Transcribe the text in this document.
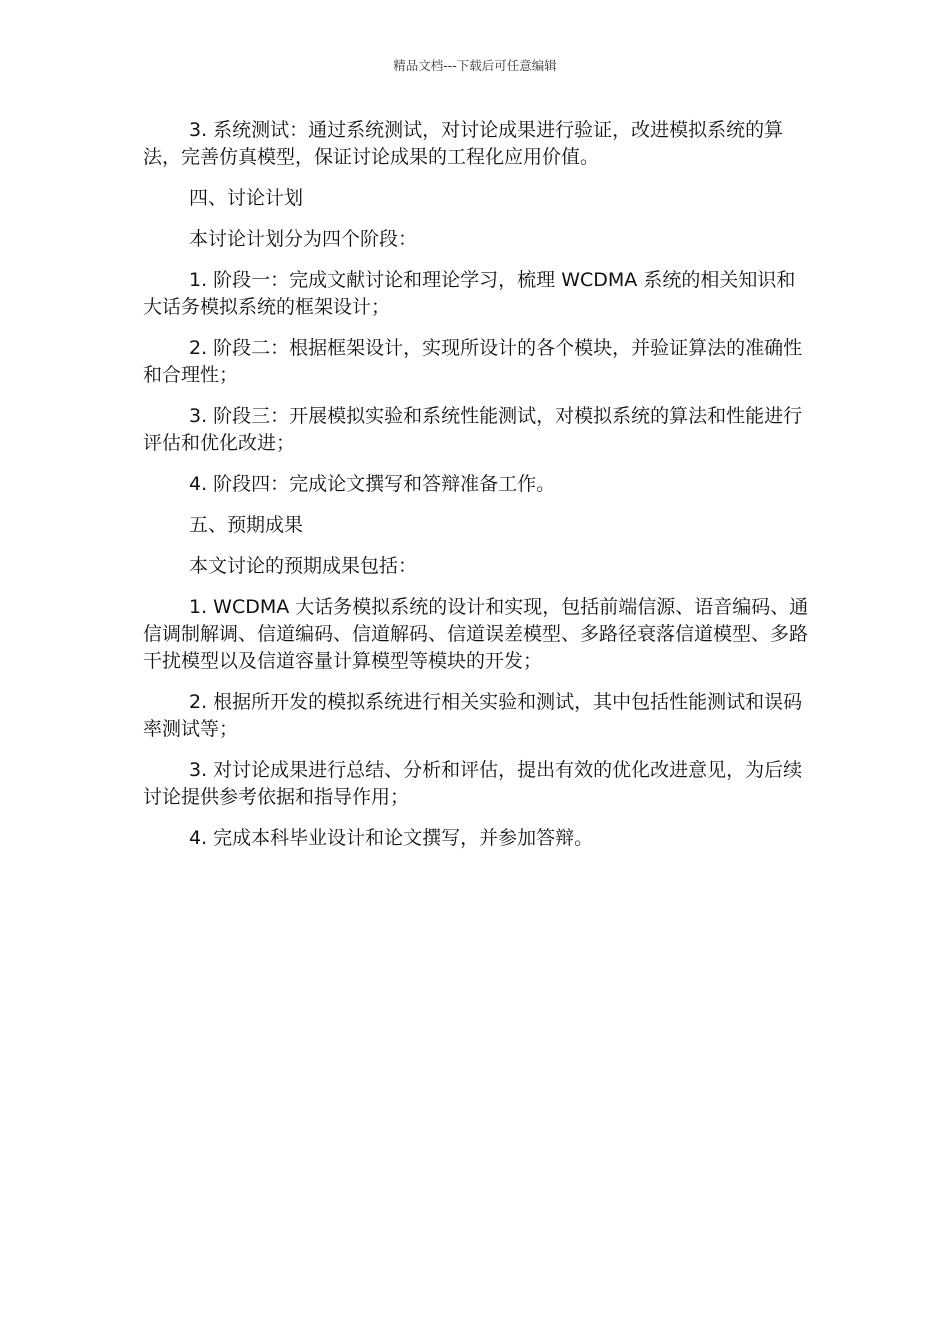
精品文档---下载后可任意编辑

3. 系统测试：通过系统测试，对讨论成果进行验证，改进模拟系统的算法，完善仿真模型，保证讨论成果的工程化应用价值。

四、讨论计划

本讨论计划分为四个阶段：

1. 阶段一：完成文献讨论和理论学习，梳理 WCDMA 系统的相关知识和大话务模拟系统的框架设计；

2. 阶段二：根据框架设计，实现所设计的各个模块，并验证算法的准确性和合理性；

3. 阶段三：开展模拟实验和系统性能测试，对模拟系统的算法和性能进行评估和优化改进；

4. 阶段四：完成论文撰写和答辩准备工作。

五、预期成果

本文讨论的预期成果包括：

1. WCDMA 大话务模拟系统的设计和实现，包括前端信源、语音编码、通信调制解调、信道编码、信道解码、信道误差模型、多路径衰落信道模型、多路干扰模型以及信道容量计算模型等模块的开发；

2. 根据所开发的模拟系统进行相关实验和测试，其中包括性能测试和误码率测试等；

3. 对讨论成果进行总结、分析和评估，提出有效的优化改进意见，为后续讨论提供参考依据和指导作用；

4. 完成本科毕业设计和论文撰写，并参加答辩。
